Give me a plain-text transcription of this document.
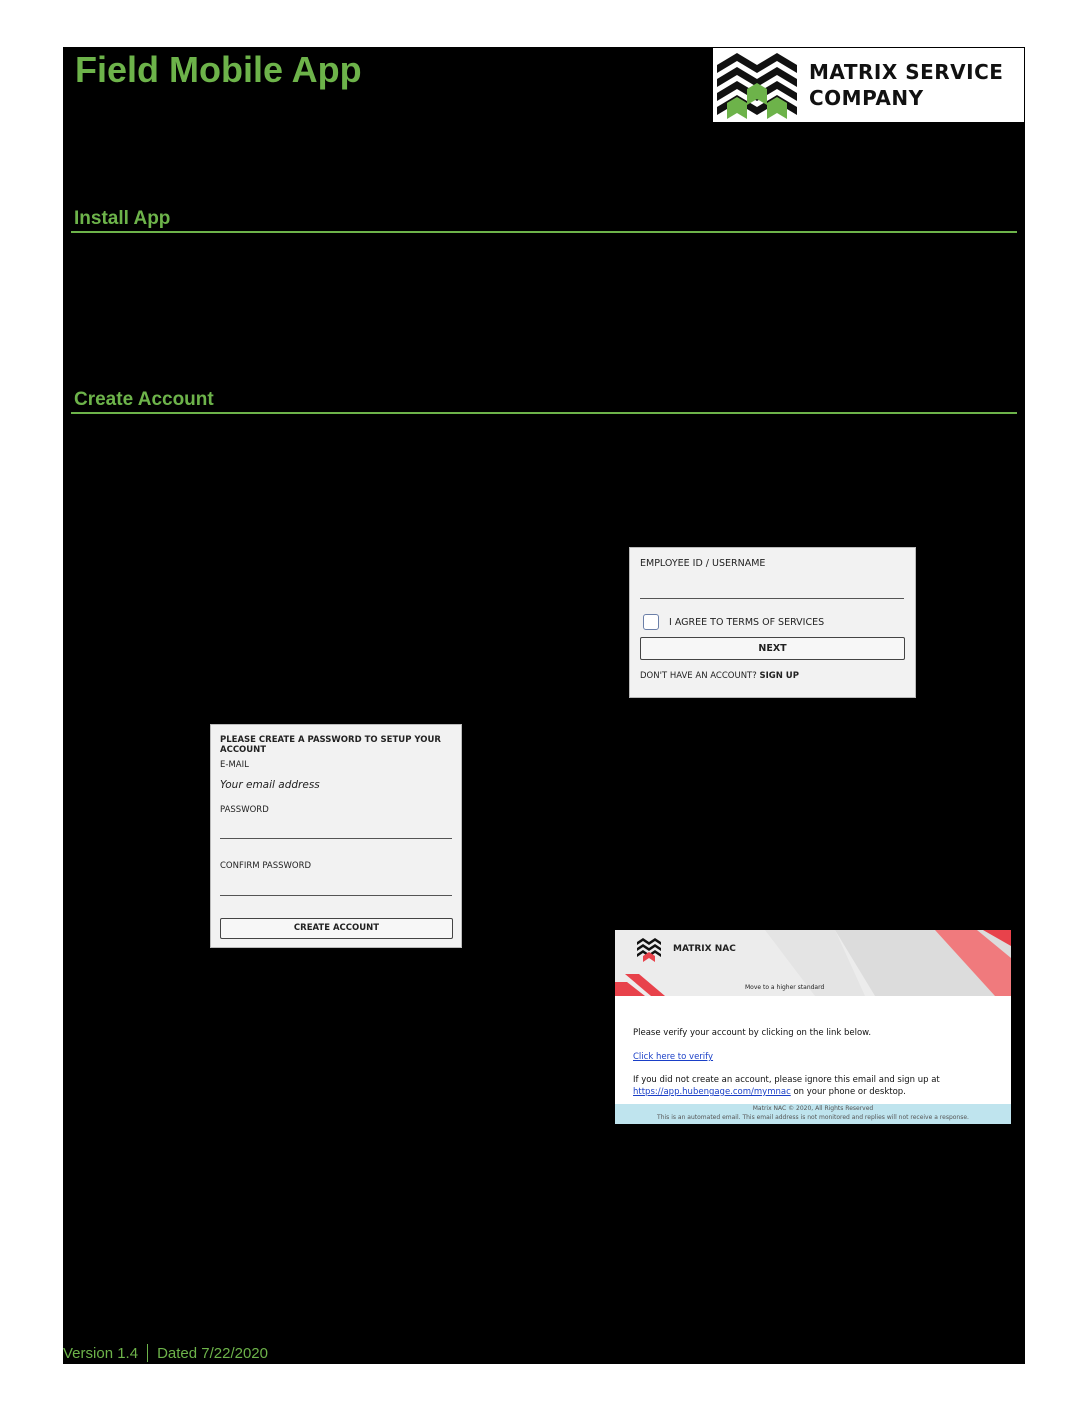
Field Mobile App	MATRIX SERVICE
COMPANY
Install App
Create Account
EMPLOYEE ID / USERNAME
I AGREE TO TERMS OF SERVICES
NEXT
DON'T HAVE AN ACCOUNT? SIGN UP
PLEASE CREATE A PASSWORD TO SETUP YOUR ACCOUNT
E-MAIL
Your email address
PASSWORD
CONFIRM PASSWORD
CREATE ACCOUNT
MATRIX NAC
Move to a higher standard
Please verify your account by clicking on the link below.
Click here to verify
If you did not create an account, please ignore this email and sign up at
https://app.hubengage.com/mymnac on your phone or desktop.
Matrix NAC © 2020, All Rights Reserved
This is an automated email. This email address is not monitored and replies will not receive a response.
Version 1.4 Dated 7/22/2020
